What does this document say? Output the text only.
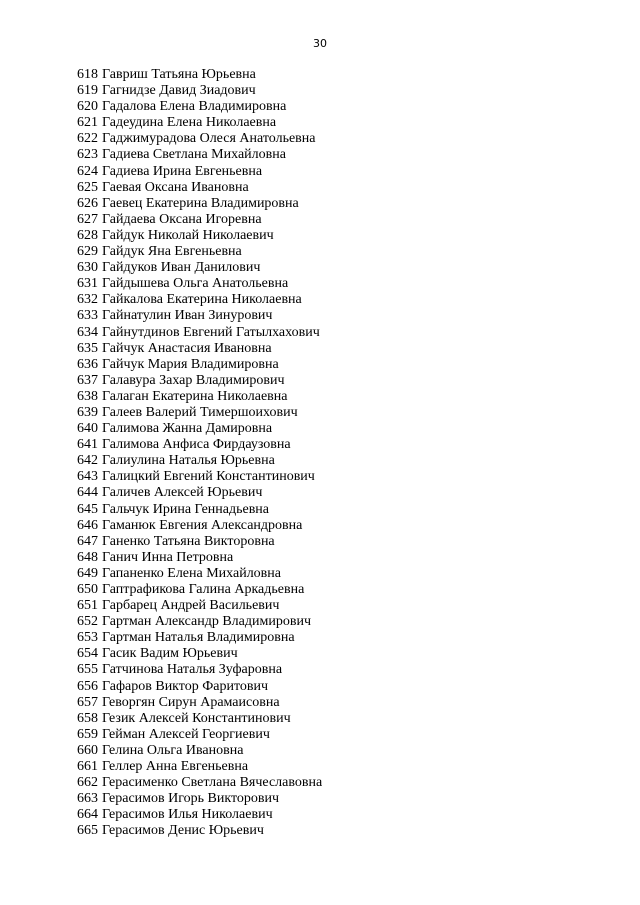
30
618 Гавриш Татьяна Юрьевна
619 Гагнидзе Давид Зиадович
620 Гадалова Елена Владимировна
621 Гадеудина Елена Николаевна
622 Гаджимурадова Олеся Анатольевна
623 Гадиева Светлана Михайловна
624 Гадиева Ирина Евгеньевна
625 Гаевая Оксана Ивановна
626 Гаевец Екатерина Владимировна
627 Гайдаева Оксана Игоревна
628 Гайдук Николай Николаевич
629 Гайдук Яна Евгеньевна
630 Гайдуков Иван Данилович
631 Гайдышева Ольга Анатольевна
632 Гайкалова Екатерина Николаевна
633 Гайнатулин Иван Зинурович
634 Гайнутдинов Евгений Гатылхахович
635 Гайчук Анастасия Ивановна
636 Гайчук Мария Владимировна
637 Галавура Захар Владимирович
638 Галаган Екатерина Николаевна
639 Галеев Валерий Тимершоихович
640 Галимова Жанна Дамировна
641 Галимова Анфиса Фирдаузовна
642 Галиулина Наталья Юрьевна
643 Галицкий Евгений Константинович
644 Галичев Алексей Юрьевич
645 Гальчук Ирина Геннадьевна
646 Гаманюк Евгения Александровна
647 Ганенко Татьяна Викторовна
648 Ганич Инна Петровна
649 Гапаненко Елена Михайловна
650 Гаптрафикова Галина Аркадьевна
651 Гарбарец Андрей Васильевич
652 Гартман Александр Владимирович
653 Гартман Наталья Владимировна
654 Гасик Вадим Юрьевич
655 Гатчинова Наталья Зуфаровна
656 Гафаров Виктор Фаритович
657 Геворгян Сирун Арамаисовна
658 Гезик Алексей Константинович
659 Гейман Алексей Георгиевич
660 Гелина Ольга Ивановна
661 Геллер Анна Евгеньевна
662 Герасименко Светлана Вячеславовна
663 Герасимов Игорь Викторович
664 Герасимов Илья Николаевич
665 Герасимов Денис Юрьевич
